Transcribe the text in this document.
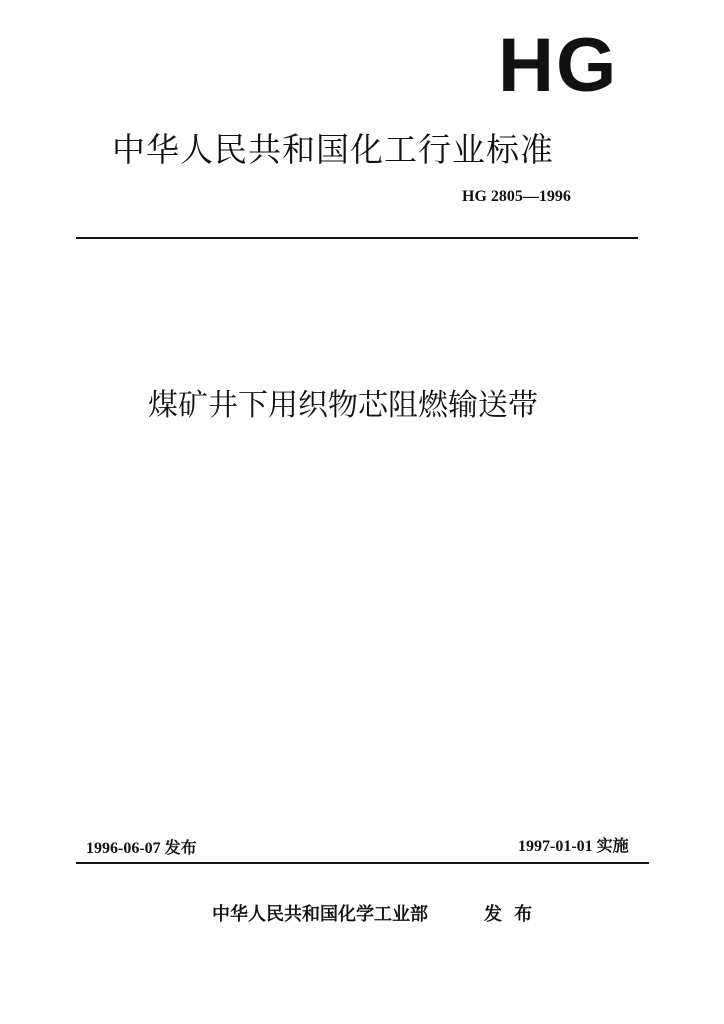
HG
中华人民共和国化工行业标准
HG 2805—1996
煤矿井下用织物芯阻燃输送带
1996-06-07 发布	1997-01-01 实施
中华人民共和国化学工业部	发 布
